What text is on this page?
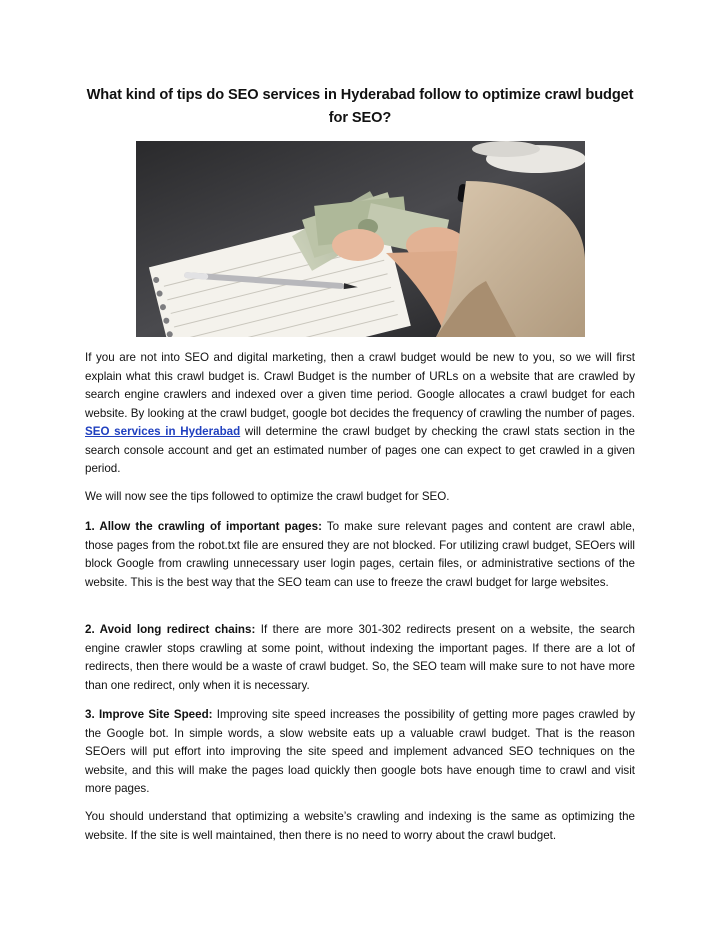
What kind of tips do SEO services in Hyderabad follow to optimize crawl budget for SEO?

If you are not into SEO and digital marketing, then a crawl budget would be new to you, so we will first explain what this crawl budget is. Crawl Budget is the number of URLs on a website that are crawled by search engine crawlers and indexed over a given time period. Google allocates a crawl budget for each website. By looking at the crawl budget, google bot decides the frequency of crawling the number of pages. SEO services in Hyderabad will determine the crawl budget by checking the crawl stats section in the search console account and get an estimated number of pages one can expect to get crawled in a given period.

We will now see the tips followed to optimize the crawl budget for SEO.

1. Allow the crawling of important pages: To make sure relevant pages and content are crawl able, those pages from the robot.txt file are ensured they are not blocked. For utilizing crawl budget, SEOers will block Google from crawling unnecessary user login pages, certain files, or administrative sections of the website. This is the best way that the SEO team can use to freeze the crawl budget for large websites.

2. Avoid long redirect chains: If there are more 301-302 redirects present on a website, the search engine crawler stops crawling at some point, without indexing the important pages. If there are a lot of redirects, then there would be a waste of crawl budget. So, the SEO team will make sure to not have more than one redirect, only when it is necessary.

3. Improve Site Speed: Improving site speed increases the possibility of getting more pages crawled by the Google bot. In simple words, a slow website eats up a valuable crawl budget. That is the reason SEOers will put effort into improving the site speed and implement advanced SEO techniques on the website, and this will make the pages load quickly then google bots have enough time to crawl and visit more pages.

You should understand that optimizing a website’s crawling and indexing is the same as optimizing the website. If the site is well maintained, then there is no need to worry about the crawl budget.
